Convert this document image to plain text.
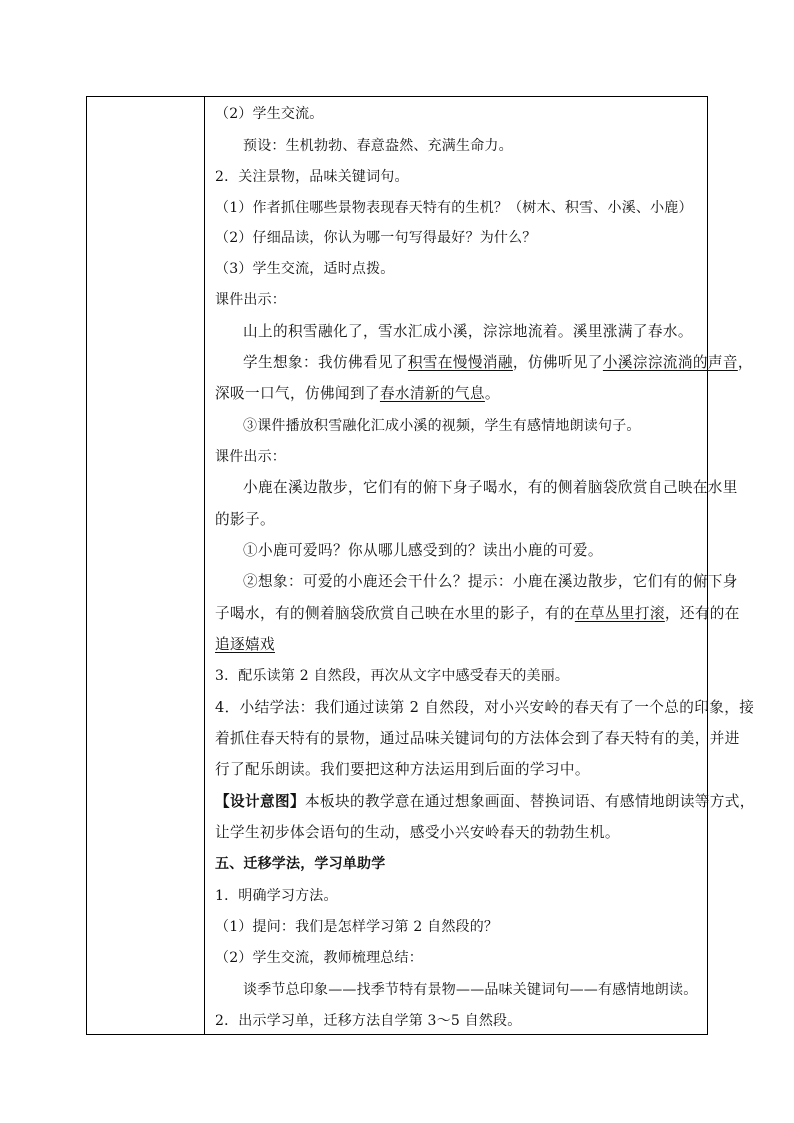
（2）学生交流。

预设：生机勃勃、春意盎然、充满生命力。

2．关注景物，品味关键词句。

（1）作者抓住哪些景物表现春天特有的生机？（树木、积雪、小溪、小鹿）

（2）仔细品读，你认为哪一句写得最好？为什么？

（3）学生交流，适时点拨。

课件出示：

山上的积雪融化了，雪水汇成小溪，淙淙地流着。溪里涨满了春水。

学生想象：我仿佛看见了积雪在慢慢消融，仿佛听见了小溪淙淙流淌的声音，

深吸一口气，仿佛闻到了春水清新的气息。

③课件播放积雪融化汇成小溪的视频，学生有感情地朗读句子。

课件出示：

小鹿在溪边散步，它们有的俯下身子喝水，有的侧着脑袋欣赏自己映在水里

的影子。

①小鹿可爱吗？你从哪儿感受到的？读出小鹿的可爱。

②想象：可爱的小鹿还会干什么？提示：小鹿在溪边散步，它们有的俯下身

子喝水，有的侧着脑袋欣赏自己映在水里的影子，有的在草丛里打滚，还有的在

追逐嬉戏

3．配乐读第 2 自然段，再次从文字中感受春天的美丽。

4．小结学法：我们通过读第 2 自然段，对小兴安岭的春天有了一个总的印象，接

着抓住春天特有的景物，通过品味关键词句的方法体会到了春天特有的美，并进

行了配乐朗读。我们要把这种方法运用到后面的学习中。

【设计意图】本板块的教学意在通过想象画面、替换词语、有感情地朗读等方式，

让学生初步体会语句的生动，感受小兴安岭春天的勃勃生机。

五、迁移学法，学习单助学

1．明确学习方法。

（1）提问：我们是怎样学习第 2 自然段的？

（2）学生交流，教师梳理总结：

谈季节总印象——找季节特有景物——品味关键词句——有感情地朗读。

2．出示学习单，迁移方法自学第 3～5 自然段。
